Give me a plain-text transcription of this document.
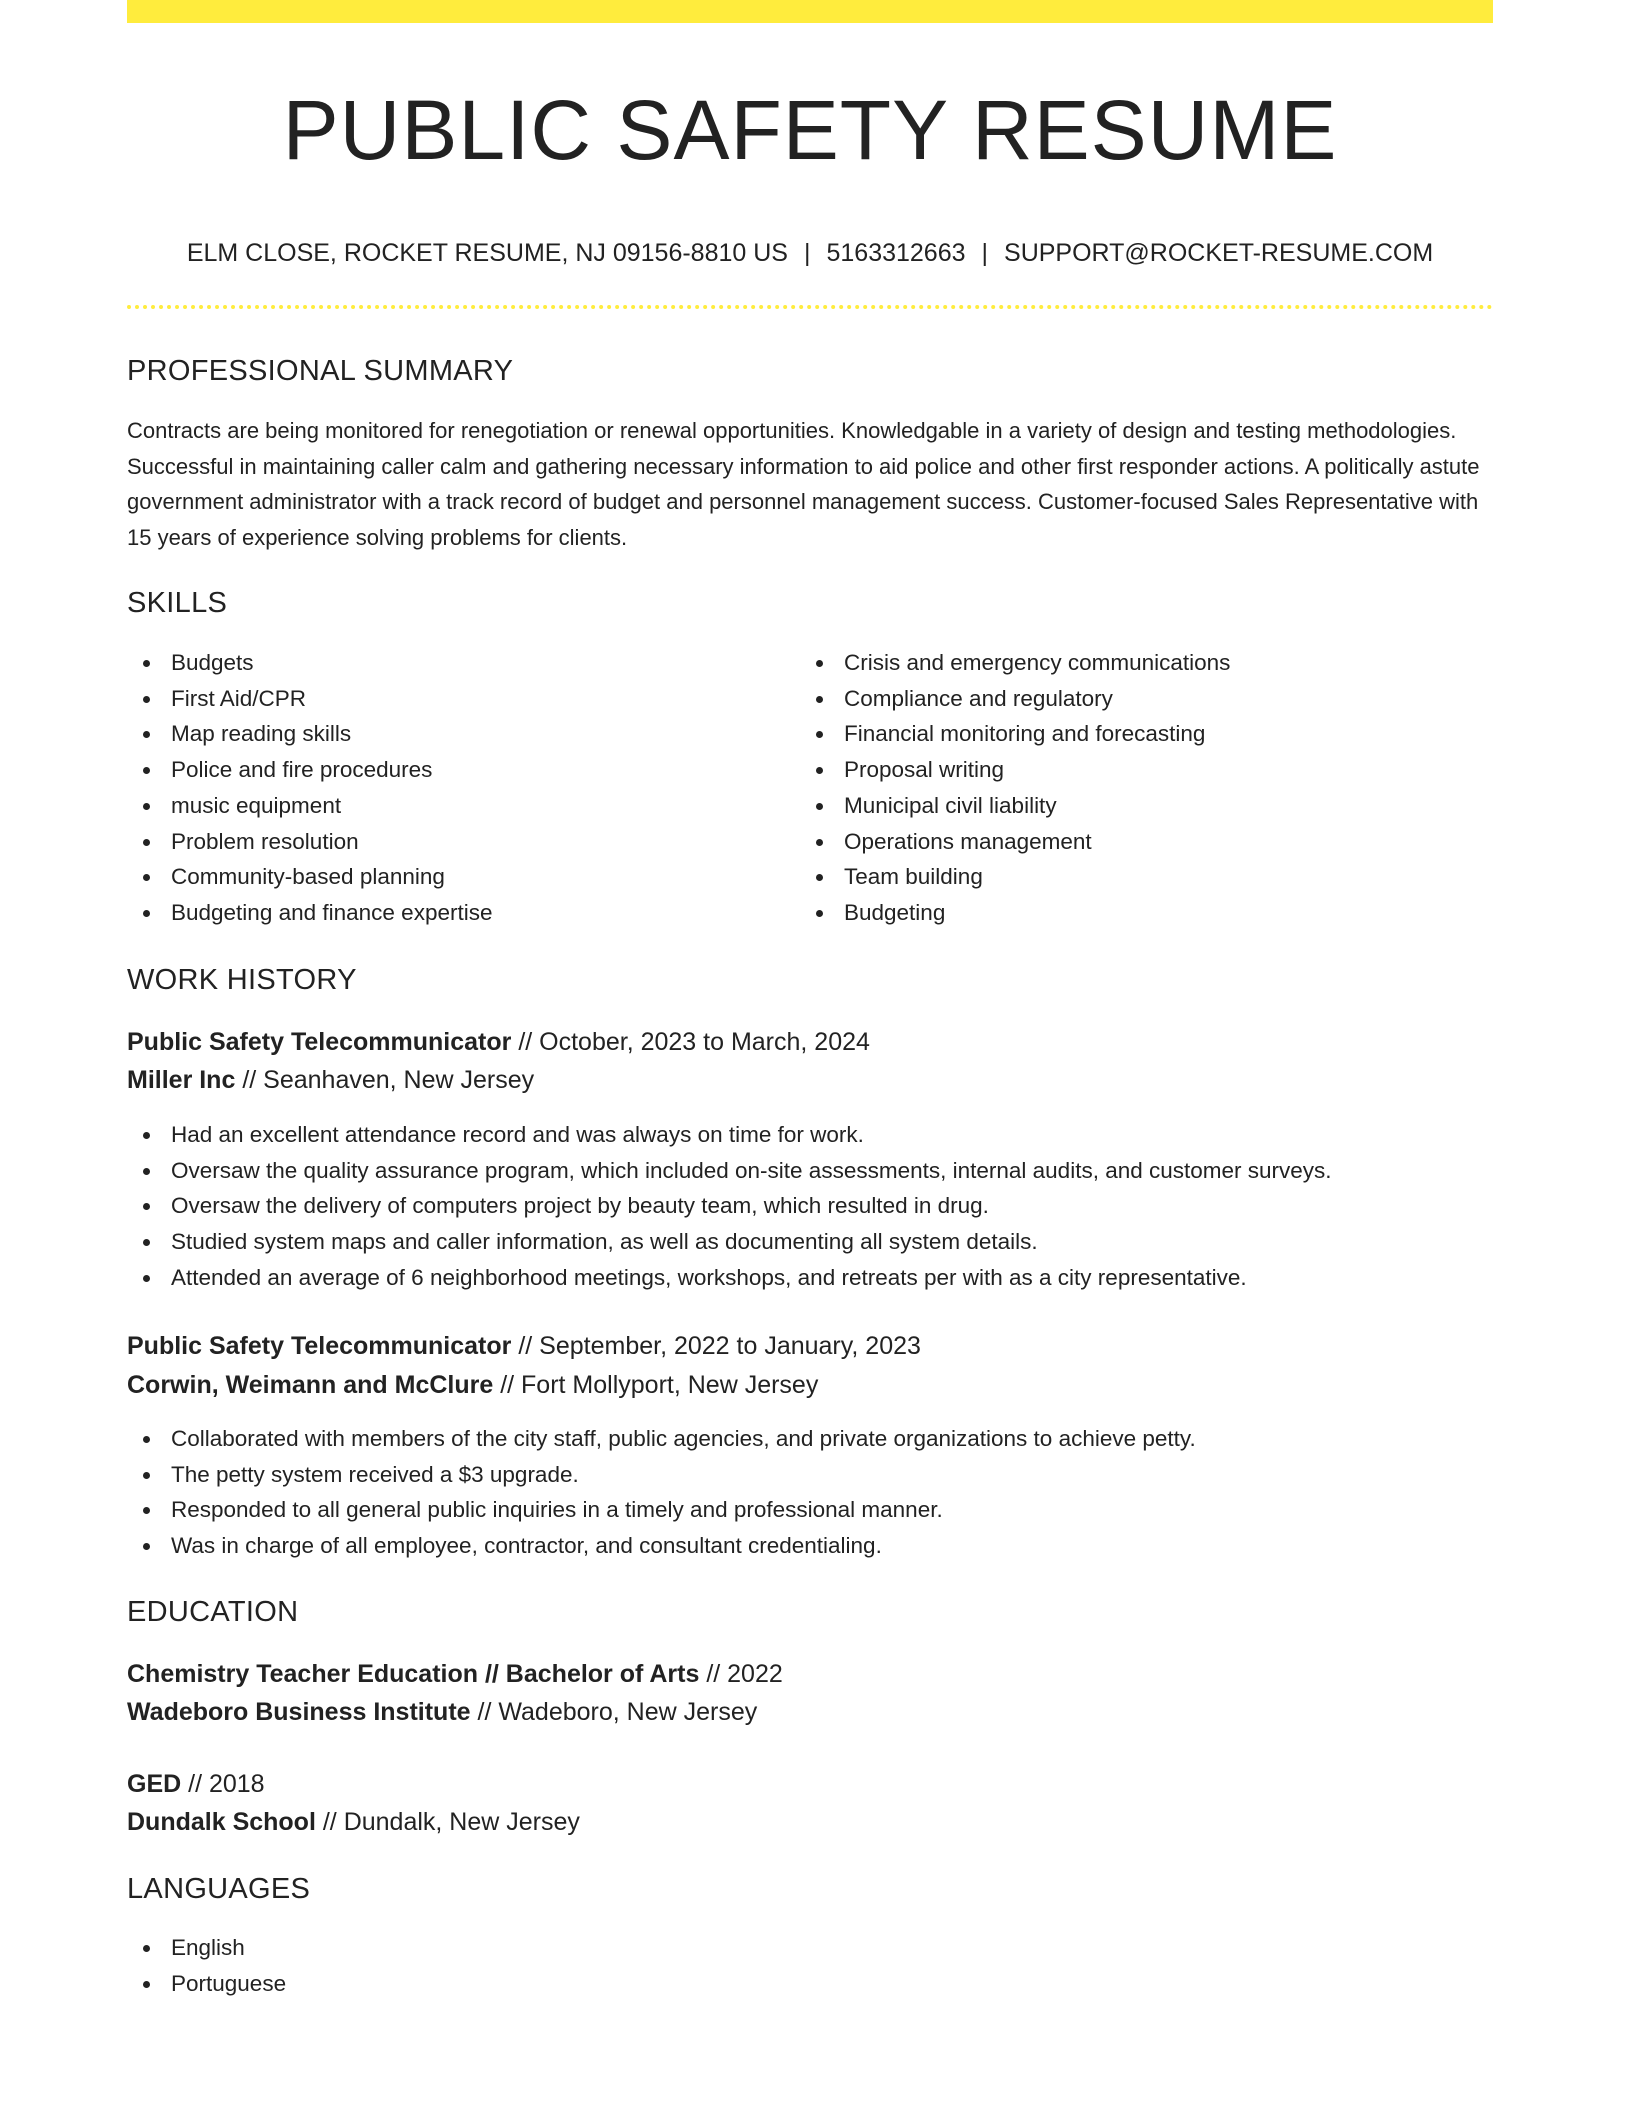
PUBLIC SAFETY RESUME
ELM CLOSE, ROCKET RESUME, NJ 09156-8810 US | 5163312663 | SUPPORT@ROCKET-RESUME.COM
PROFESSIONAL SUMMARY
Contracts are being monitored for renegotiation or renewal opportunities. Knowledgable in a variety of design and testing methodologies. Successful in maintaining caller calm and gathering necessary information to aid police and other first responder actions. A politically astute government administrator with a track record of budget and personnel management success. Customer-focused Sales Representative with 15 years of experience solving problems for clients.
SKILLS
Budgets
First Aid/CPR
Map reading skills
Police and fire procedures
music equipment
Problem resolution
Community-based planning
Budgeting and finance expertise
Crisis and emergency communications
Compliance and regulatory
Financial monitoring and forecasting
Proposal writing
Municipal civil liability
Operations management
Team building
Budgeting
WORK HISTORY
Public Safety Telecommunicator // October, 2023 to March, 2024
Miller Inc // Seanhaven, New Jersey
Had an excellent attendance record and was always on time for work.
Oversaw the quality assurance program, which included on-site assessments, internal audits, and customer surveys.
Oversaw the delivery of computers project by beauty team, which resulted in drug.
Studied system maps and caller information, as well as documenting all system details.
Attended an average of 6 neighborhood meetings, workshops, and retreats per with as a city representative.
Public Safety Telecommunicator // September, 2022 to January, 2023
Corwin, Weimann and McClure // Fort Mollyport, New Jersey
Collaborated with members of the city staff, public agencies, and private organizations to achieve petty.
The petty system received a $3 upgrade.
Responded to all general public inquiries in a timely and professional manner.
Was in charge of all employee, contractor, and consultant credentialing.
EDUCATION
Chemistry Teacher Education // Bachelor of Arts // 2022
Wadeboro Business Institute // Wadeboro, New Jersey
GED // 2018
Dundalk School // Dundalk, New Jersey
LANGUAGES
English
Portuguese
